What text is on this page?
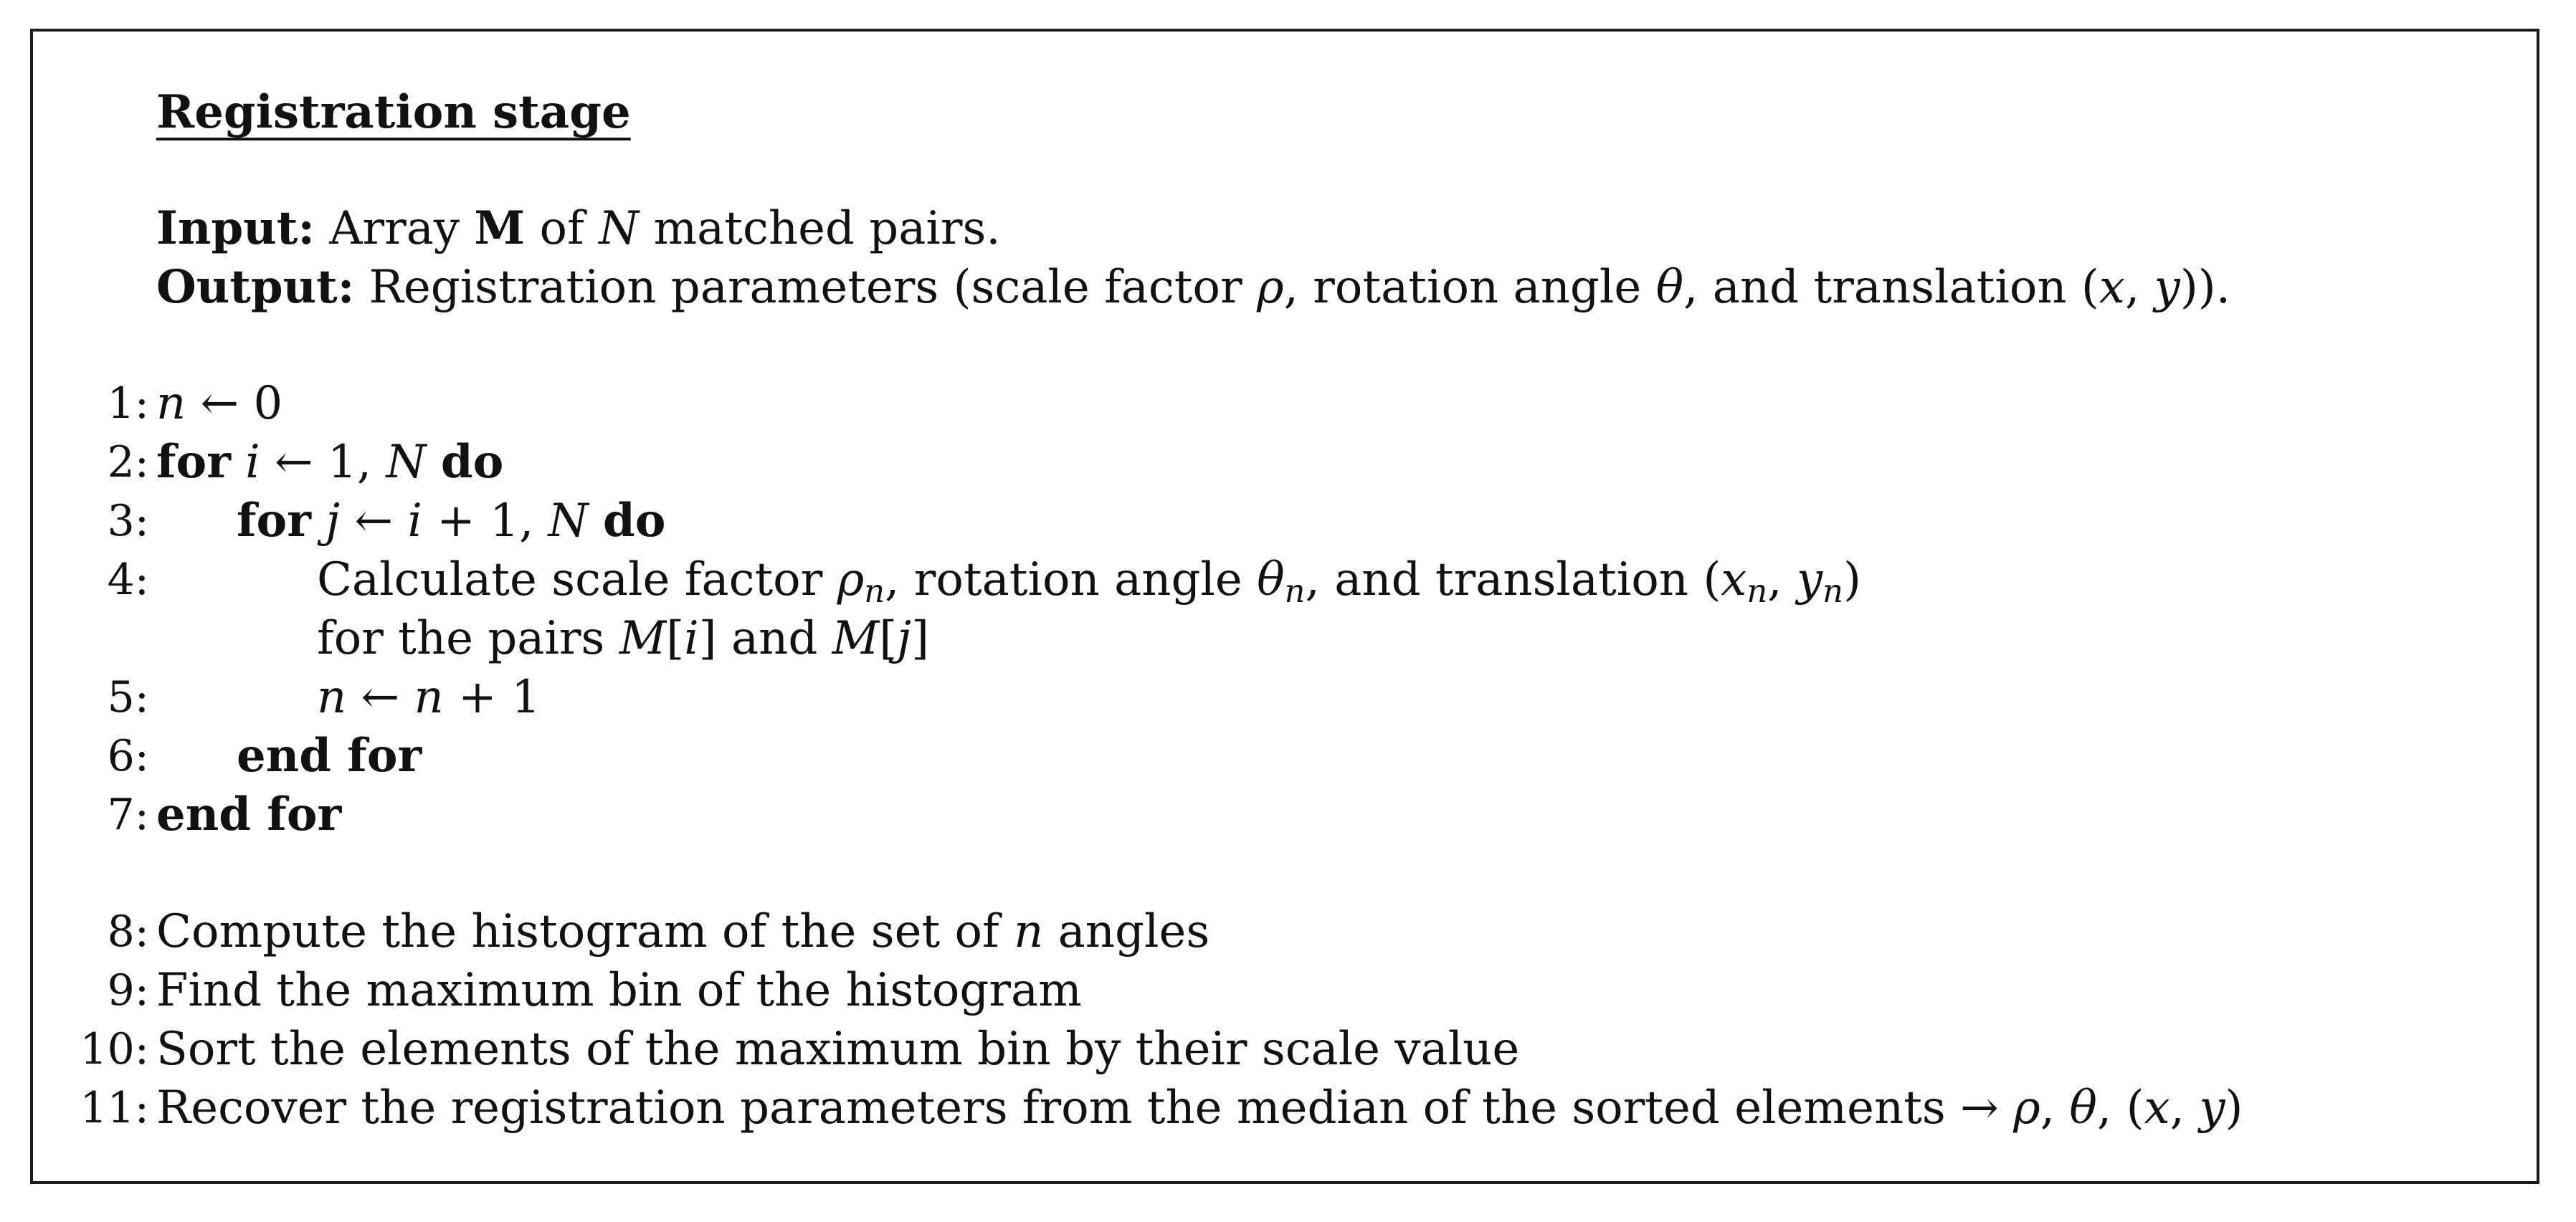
Registration stage
Input: Array M of N matched pairs.
Output: Registration parameters (scale factor ρ, rotation angle θ, and translation (x, y)).
1: n ← 0
2: for i ← 1, N do
3: for j ← i + 1, N do
4:	Calculate scale factor $\rho_n$, rotation angle $\theta_n$, and translation ($x_n$, $y_n$)
for the pairs M[i] and M[j]
5:	n ← n + 1
6: end for
7: end for
8: Compute the histogram of the set of n angles
9: Find the maximum bin of the histogram
10: Sort the elements of the maximum bin by their scale value
11: Recover the registration parameters from the median of the sorted elements → ρ, θ, (x, y)
